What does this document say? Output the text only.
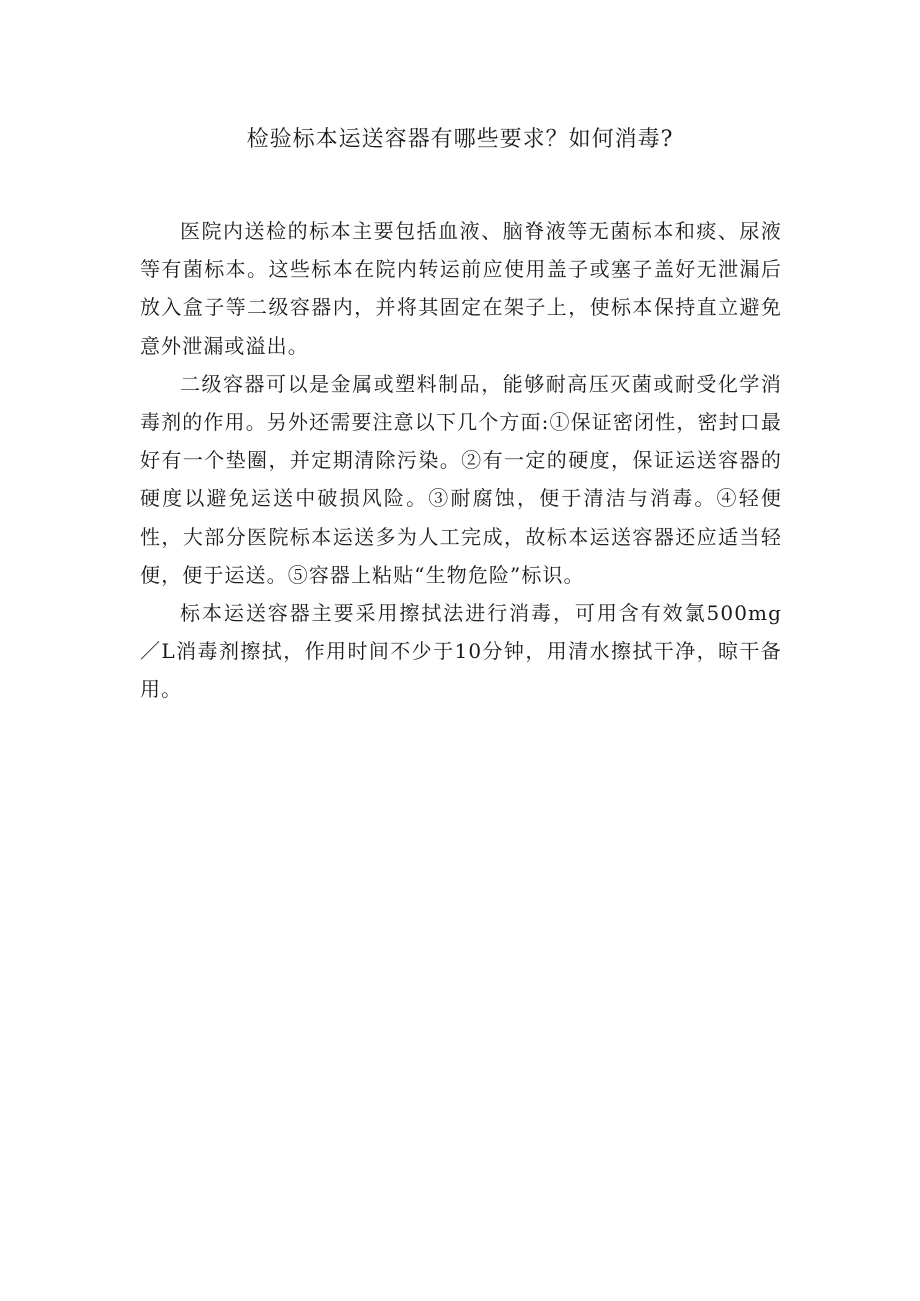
检验标本运送容器有哪些要求？如何消毒?

医院内送检的标本主要包括血液、脑脊液等无菌标本和痰、尿液等有菌标本。这些标本在院内转运前应使用盖子或塞子盖好无泄漏后放入盒子等二级容器内，并将其固定在架子上，使标本保持直立避免意外泄漏或溢出。

二级容器可以是金属或塑料制品，能够耐高压灭菌或耐受化学消毒剂的作用。另外还需要注意以下几个方面:①保证密闭性，密封口最好有一个垫圈，并定期清除污染。②有一定的硬度，保证运送容器的硬度以避免运送中破损风险。③耐腐蚀，便于清洁与消毒。④轻便性，大部分医院标本运送多为人工完成，故标本运送容器还应适当轻便，便于运送。⑤容器上粘贴“生物危险”标识。

标本运送容器主要采用擦拭法进行消毒，可用含有效氯500mg／L消毒剂擦拭，作用时间不少于10分钟，用清水擦拭干净，晾干备用。
